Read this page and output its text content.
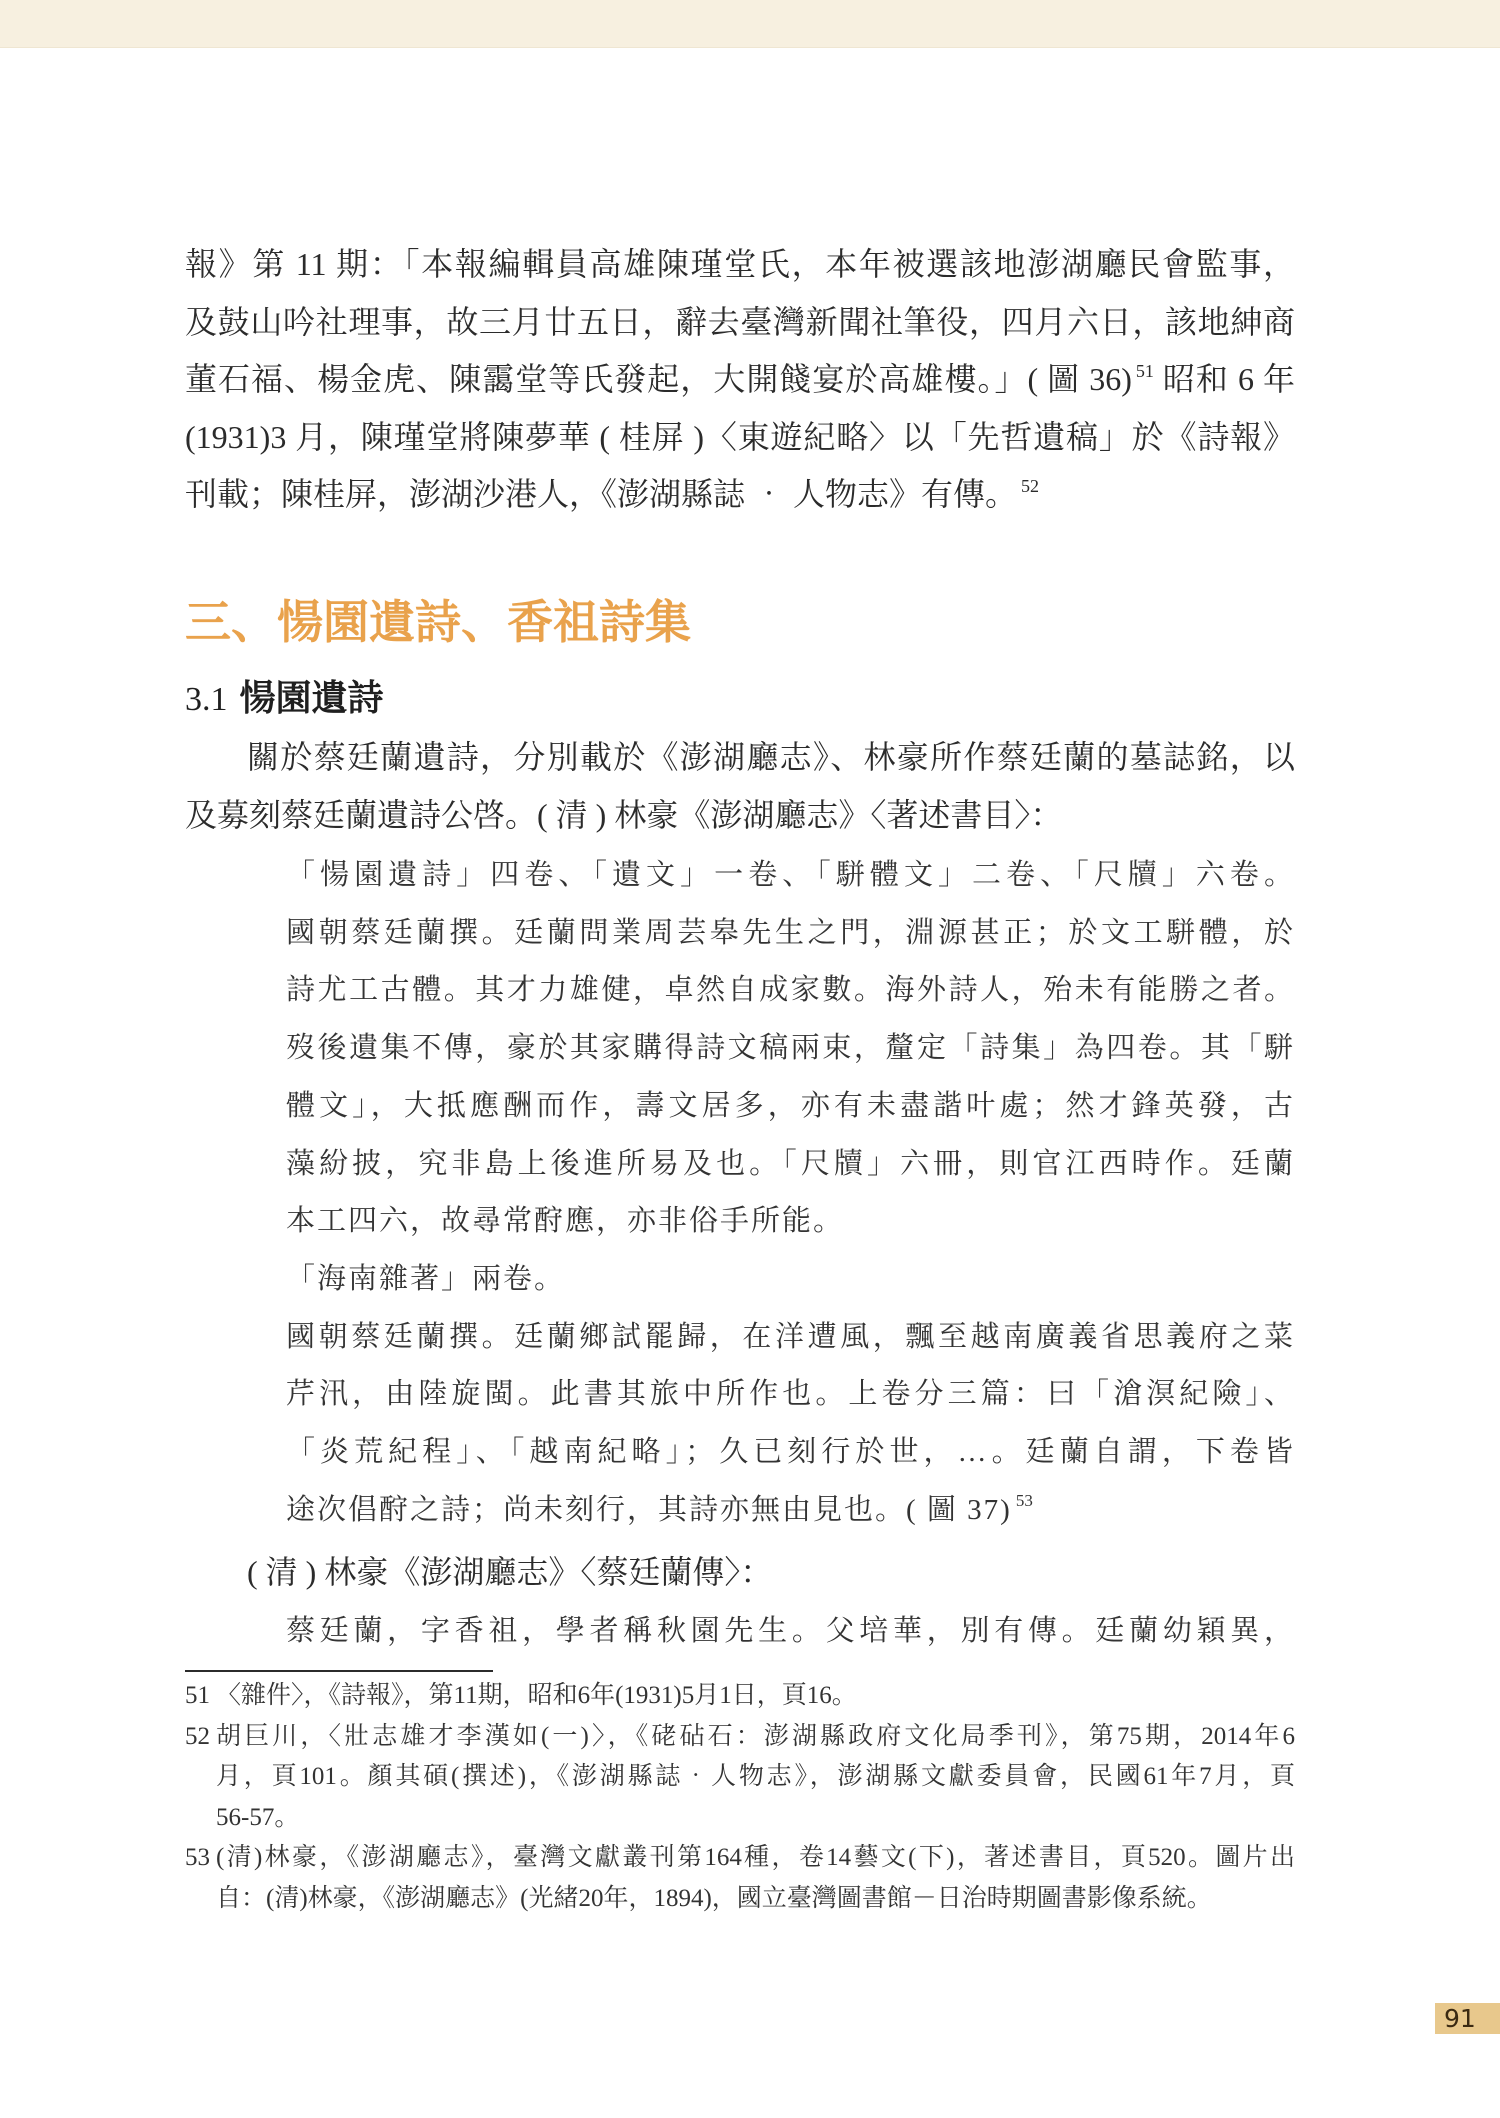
報》第 11 期：「本報編輯員高雄陳瑾堂氏，本年被選該地澎湖廳民會監事，
及鼓山吟社理事，故三月廿五日，辭去臺灣新聞社筆役，四月六日，該地紳商
董石福、楊金虎、陳靄堂等氏發起，大開餞宴於高雄樓。」( 圖 36) $^{51}$ 昭和 6 年
(1931)3 月，陳瑾堂將陳夢華 ( 桂屏 )〈東遊紀略〉以「先哲遺稿」於《詩報》
刊載；陳桂屏，澎湖沙港人，《澎湖縣誌 ‧ 人物志》有傳。 $^{52}$
三、愓園遺詩、香祖詩集
3.1 愓園遺詩
關於蔡廷蘭遺詩，分別載於《澎湖廳志》、林豪所作蔡廷蘭的墓誌銘，以
及募刻蔡廷蘭遺詩公啓。( 清 ) 林豪《澎湖廳志》〈著述書目〉：
「愓園遺詩」四卷、「遺文」一卷、「駢體文」二卷、「尺牘」六卷。
國朝蔡廷蘭撰。廷蘭問業周芸皋先生之門，淵源甚正；於文工駢體，於
詩尤工古體。其才力雄健，卓然自成家數。海外詩人，殆未有能勝之者。
歿後遺集不傳，豪於其家購得詩文稿兩束，釐定「詩集」為四卷。其「駢
體文」，大抵應酬而作，壽文居多，亦有未盡諧叶處；然才鋒英發，古
藻紛披，究非島上後進所易及也。「尺牘」六冊，則官江西時作。廷蘭
本工四六，故尋常酧應，亦非俗手所能。
「海南雜著」兩卷。
國朝蔡廷蘭撰。廷蘭鄉試罷歸，在洋遭風，飄至越南廣義省思義府之菜
芹汛，由陸旋閩。此書其旅中所作也。上卷分三篇：曰「滄溟紀險」、
「炎荒紀程」、「越南紀略」；久已刻行於世，…。廷蘭自謂，下卷皆
途次倡酧之詩；尚未刻行，其詩亦無由見也。( 圖 37) $^{53}$
( 清 ) 林豪《澎湖廳志》〈蔡廷蘭傳〉：
蔡廷蘭，字香祖，學者稱秋園先生。父培華，別有傳。廷蘭幼穎異，
51 〈雜件〉，《詩報》，第11期，昭和6年(1931)5月1日，頁16。
52 胡巨川，〈壯志雄才李漢如(一)〉，《硓砧石：澎湖縣政府文化局季刊》，第75期，2014年6
月，頁101。顏其碩(撰述)，《澎湖縣誌‧人物志》，澎湖縣文獻委員會，民國61年7月，頁
56-57。
53 (清)林豪，《澎湖廳志》，臺灣文獻叢刊第164種，卷14藝文(下)，著述書目，頁520。圖片出
自：(清)林豪，《澎湖廳志》(光緒20年，1894)，國立臺灣圖書館－日治時期圖書影像系統。
91
